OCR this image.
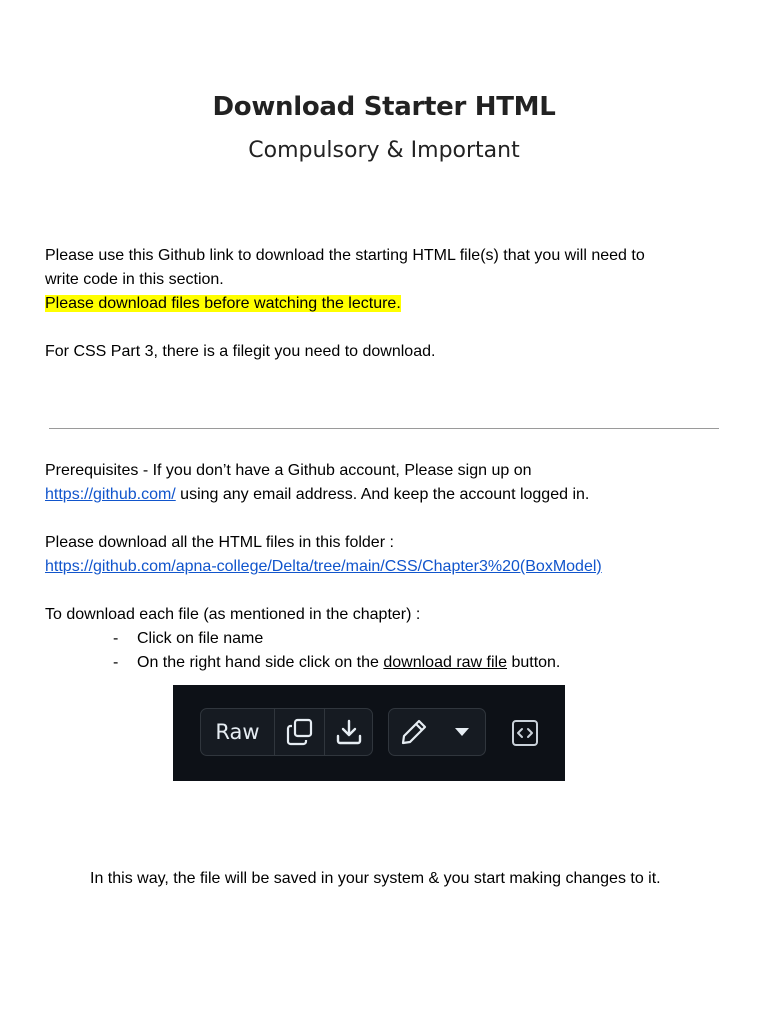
Download Starter HTML
Compulsory & Important
Please use this Github link to download the starting HTML file(s) that you will need to
write code in this section.
Please download files before watching the lecture.
For CSS Part 3, there is a filegit you need to download.
Prerequisites - If you don’t have a Github account, Please sign up on
https://github.com/ using any email address. And keep the account logged in.
Please download all the HTML files in this folder :
https://github.com/apna-college/Delta/tree/main/CSS/Chapter3%20(BoxModel)
To download each file (as mentioned in the chapter) :
- Click on file name
- On the right hand side click on the download raw file button.
Raw
In this way, the file will be saved in your system & you start making changes to it.
